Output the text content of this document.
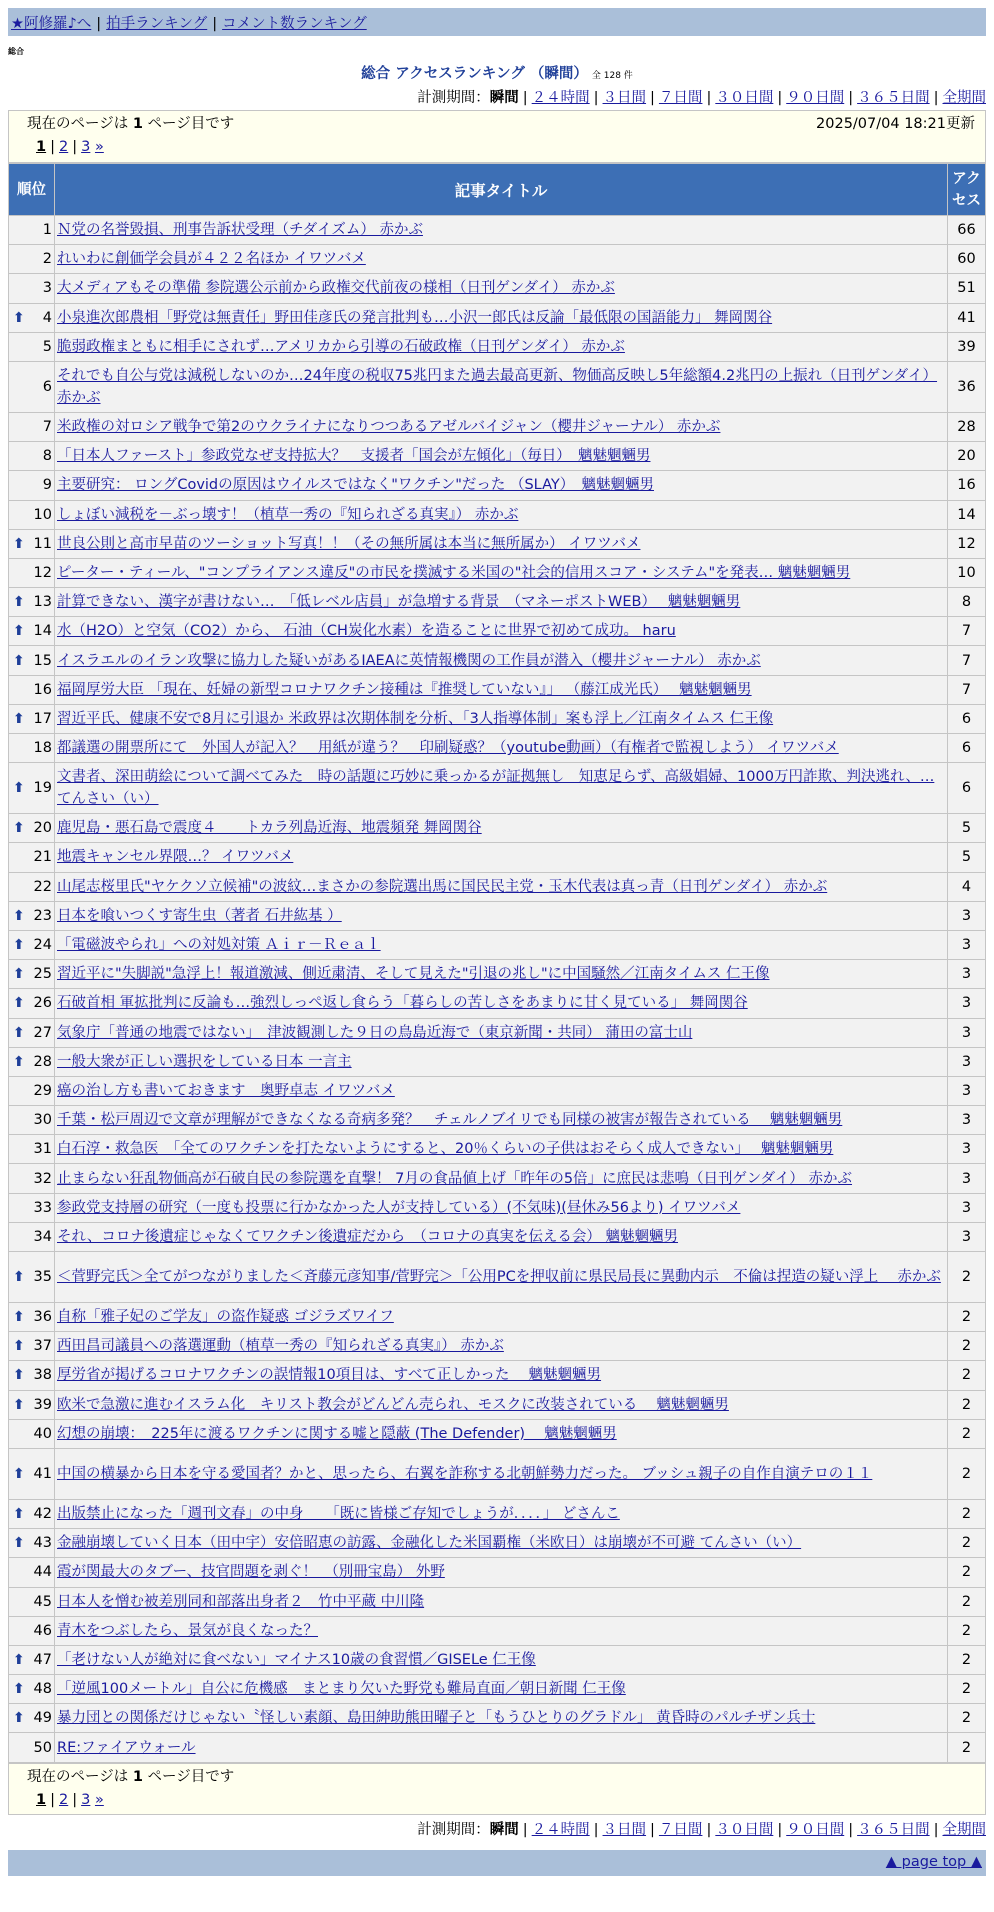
★阿修羅♪へ | 拍手ランキング | コメント数ランキング
総合
総合 アクセスランキング （瞬間） 全 128 件
計測期間：瞬間 | ２４時間 | ３日間 | ７日間 | ３０日間 | ９０日間 | ３６５日間 | 全期間
現在のページは 1 ページ目です	2025/07/04 18:21更新
1 | 2 | 3 »
順位	記事タイトル	アクセス
1	Ｎ党の名誉毀損、刑事告訴状受理（チダイズム） 赤かぶ	66
2	れいわに創価学会員が４２２名ほか イワツバメ	60
3	大メディアもその準備 参院選公示前から政権交代前夜の様相（日刊ゲンダイ） 赤かぶ	51

⬆ 4	小泉進次郎農相「野党は無責任」野田佳彦氏の発言批判も…小沢一郎氏は反論「最低限の国語能力」 舞岡関谷	41
5	脆弱政権まともに相手にされず…アメリカから引導の石破政権（日刊ゲンダイ） 赤かぶ	39
6	それでも自公与党は減税しないのか…24年度の税収75兆円また過去最高更新、物価高反映し5年総額4.2兆円の上振れ（日刊ゲンダイ） 赤かぶ	36
7	米政権の対ロシア戦争で第2のウクライナになりつつあるアゼルバイジャン（櫻井ジャーナル） 赤かぶ	28
8	「日本人ファースト」参政党なぜ支持拡大？　支援者「国会が左傾化」（毎日）　魑魅魍魎男	20
9	主要研究： ロングCovidの原因はウイルスではなく"ワクチン"だった （SLAY）　魑魅魍魎男	16
10	しょぼい減税を－ぶっ壊す！（植草一秀の『知られざる真実』） 赤かぶ	14

⬆ 11	世良公則と高市早苗のツーショット写真！！（その無所属は本当に無所属か） イワツバメ	12
12	ピーター・ティール、"コンプライアンス違反"の市民を撲滅する米国の"社会的信用スコア・システム"を発表… 魑魅魍魎男	10

⬆ 13	計算できない、漢字が書けない…　「低レベル店員」が急増する背景　（マネーポストWEB）　 魑魅魍魎男	8

⬆ 14	水（H2O）と空気（CO2）から、 石油（CH炭化水素）を造ることに世界で初めて成功。 haru	7

⬆ 15	イスラエルのイラン攻撃に協力した疑いがあるIAEAに英情報機関の工作員が潜入（櫻井ジャーナル） 赤かぶ	7
16	福岡厚労大臣 「現在、妊婦の新型コロナワクチン接種は『推奨していない』」 （藤江成光氏）　 魑魅魍魎男	7

⬆ 17	習近平氏、健康不安で8月に引退か 米政界は次期体制を分析、「3人指導体制」案も浮上／江南タイムス 仁王像	6
18	都議選の開票所にて　外国人が記入？　用紙が違う？　印刷疑惑？（youtube動画）（有権者で監視しよう） イワツバメ	6

⬆ 19	文書者、深田萌絵について調べてみた　時の話題に巧妙に乗っかるが証拠無し　知恵足らず、高級娼婦、1000万円詐欺、判決逃れ、… てんさい（い）	6

⬆ 20	鹿児島・悪石島で震度４　　トカラ列島近海、地震頻発 舞岡関谷	5
21	地震キャンセル界隈…？ イワツバメ	5
22	山尾志桜里氏"ヤケクソ立候補"の波紋…まさかの参院選出馬に国民民主党・玉木代表は真っ青（日刊ゲンダイ） 赤かぶ	4

⬆ 23	日本を喰いつくす寄生虫（著者 石井紘基 ）	3

⬆ 24	「電磁波やられ」への対処対策 Ａｉｒ－Ｒｅａｌ	3

⬆ 25	習近平に"失脚説"急浮上！報道激減、側近粛清、そして見えた"引退の兆し"に中国騒然／江南タイムス 仁王像	3

⬆ 26	石破首相 軍拡批判に反論も…強烈しっぺ返し食らう「暮らしの苦しさをあまりに甘く見ている」 舞岡関谷	3

⬆ 27	気象庁「普通の地震ではない」　津波観測した９日の鳥島近海で（東京新聞・共同） 蒲田の富士山	3

⬆ 28	一般大衆が正しい選択をしている日本 一言主	3
29	癌の治し方も書いておきます　奥野卓志 イワツバメ	3
30	千葉・松戸周辺で文章が理解ができなくなる奇病多発？　チェルノブイリでも同様の被害が報告されている　 魑魅魍魎男	3
31	白石淳・救急医　「全てのワクチンを打たないようにすると、20％くらいの子供はおそらく成人できない」　 魑魅魍魎男	3
32	止まらない狂乱物価高が石破自民の参院選を直撃！ 7月の食品値上げ「昨年の5倍」に庶民は悲鳴（日刊ゲンダイ） 赤かぶ	3
33	参政党支持層の研究（一度も投票に行かなかった人が支持している）(不気味)(昼休み56より) イワツバメ	3
34	それ、コロナ後遺症じゃなくてワクチン後遺症だから　（コロナの真実を伝える会） 魑魅魍魎男	3

⬆ 35	＜菅野完氏＞全てがつながりました＜斉藤元彦知事/菅野完＞「公用PCを押収前に県民局長に異動内示　不倫は捏造の疑い浮上　 赤かぶ	2

⬆ 36	自称「雅子妃のご学友」の盗作疑惑 ゴジラズワイフ	2

⬆ 37	西田昌司議員への落選運動（植草一秀の『知られざる真実』） 赤かぶ	2

⬆ 38	厚労省が掲げるコロナワクチンの誤情報10項目は、すべて正しかった　 魑魅魍魎男	2

⬆ 39	欧米で急激に進むイスラム化　キリスト教会がどんどん売られ、モスクに改装されている　 魑魅魍魎男	2
40	幻想の崩壊：　225年に渡るワクチンに関する嘘と隠蔽 (The Defender)　 魑魅魍魎男	2

⬆ 41	中国の横暴から日本を守る愛国者？かと、思ったら、右翼を詐称する北朝鮮勢力だった。 ブッシュ親子の自作自演テロの１１	2

⬆ 42	出版禁止になった「週刊文春」の中身　　「既に皆様ご存知でしょうが．．．．」 どさんこ	2

⬆ 43	金融崩壊していく日本（田中宇）安倍昭恵の訪露、金融化した米国覇権（米欧日）は崩壊が不可避 てんさい（い）	2
44	霞が関最大のタブー、技官問題を剥ぐ！　（別冊宝島） 外野	2
45	日本人を憎む被差別同和部落出身者２＿竹中平蔵 中川隆	2
46	青木をつぶしたら、景気が良くなった？	2

⬆ 47	「老けない人が絶対に食べない」マイナス10歳の食習慣／GISELe 仁王像	2

⬆ 48	「逆風100メートル」自公に危機感　まとまり欠いた野党も難局直面／朝日新聞 仁王像	2

⬆ 49	暴力団との関係だけじゃない〝怪しい素顔、島田紳助熊田曜子と「もうひとりのグラドル」 黄昏時のパルチザン兵士	2
50	RE:ファイアウォール	2
現在のページは 1 ページ目です
1 | 2 | 3 »
計測期間：瞬間 | ２４時間 | ３日間 | ７日間 | ３０日間 | ９０日間 | ３６５日間 | 全期間
▲ page top ▲
